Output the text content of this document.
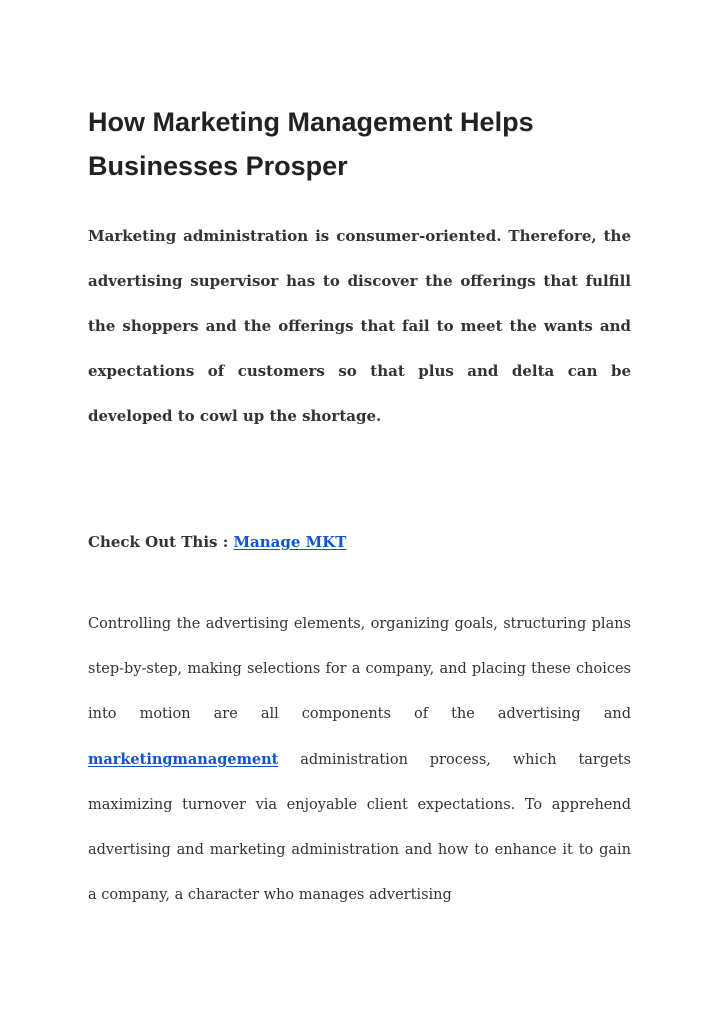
How Marketing Management Helps Businesses Prosper

Marketing administration is consumer-oriented. Therefore, the advertising supervisor has to discover the offerings that fulfill the shoppers and the offerings that fail to meet the wants and expectations of customers so that plus and delta can be developed to cowl up the shortage.

Check Out This : Manage MKT

Controlling the advertising elements, organizing goals, structuring plans step-by-step, making selections for a company, and placing these choices into motion are all components of the advertising and marketingmanagement administration process, which targets maximizing turnover via enjoyable client expectations. To apprehend advertising and marketing administration and how to enhance it to gain a company, a character who manages advertising
